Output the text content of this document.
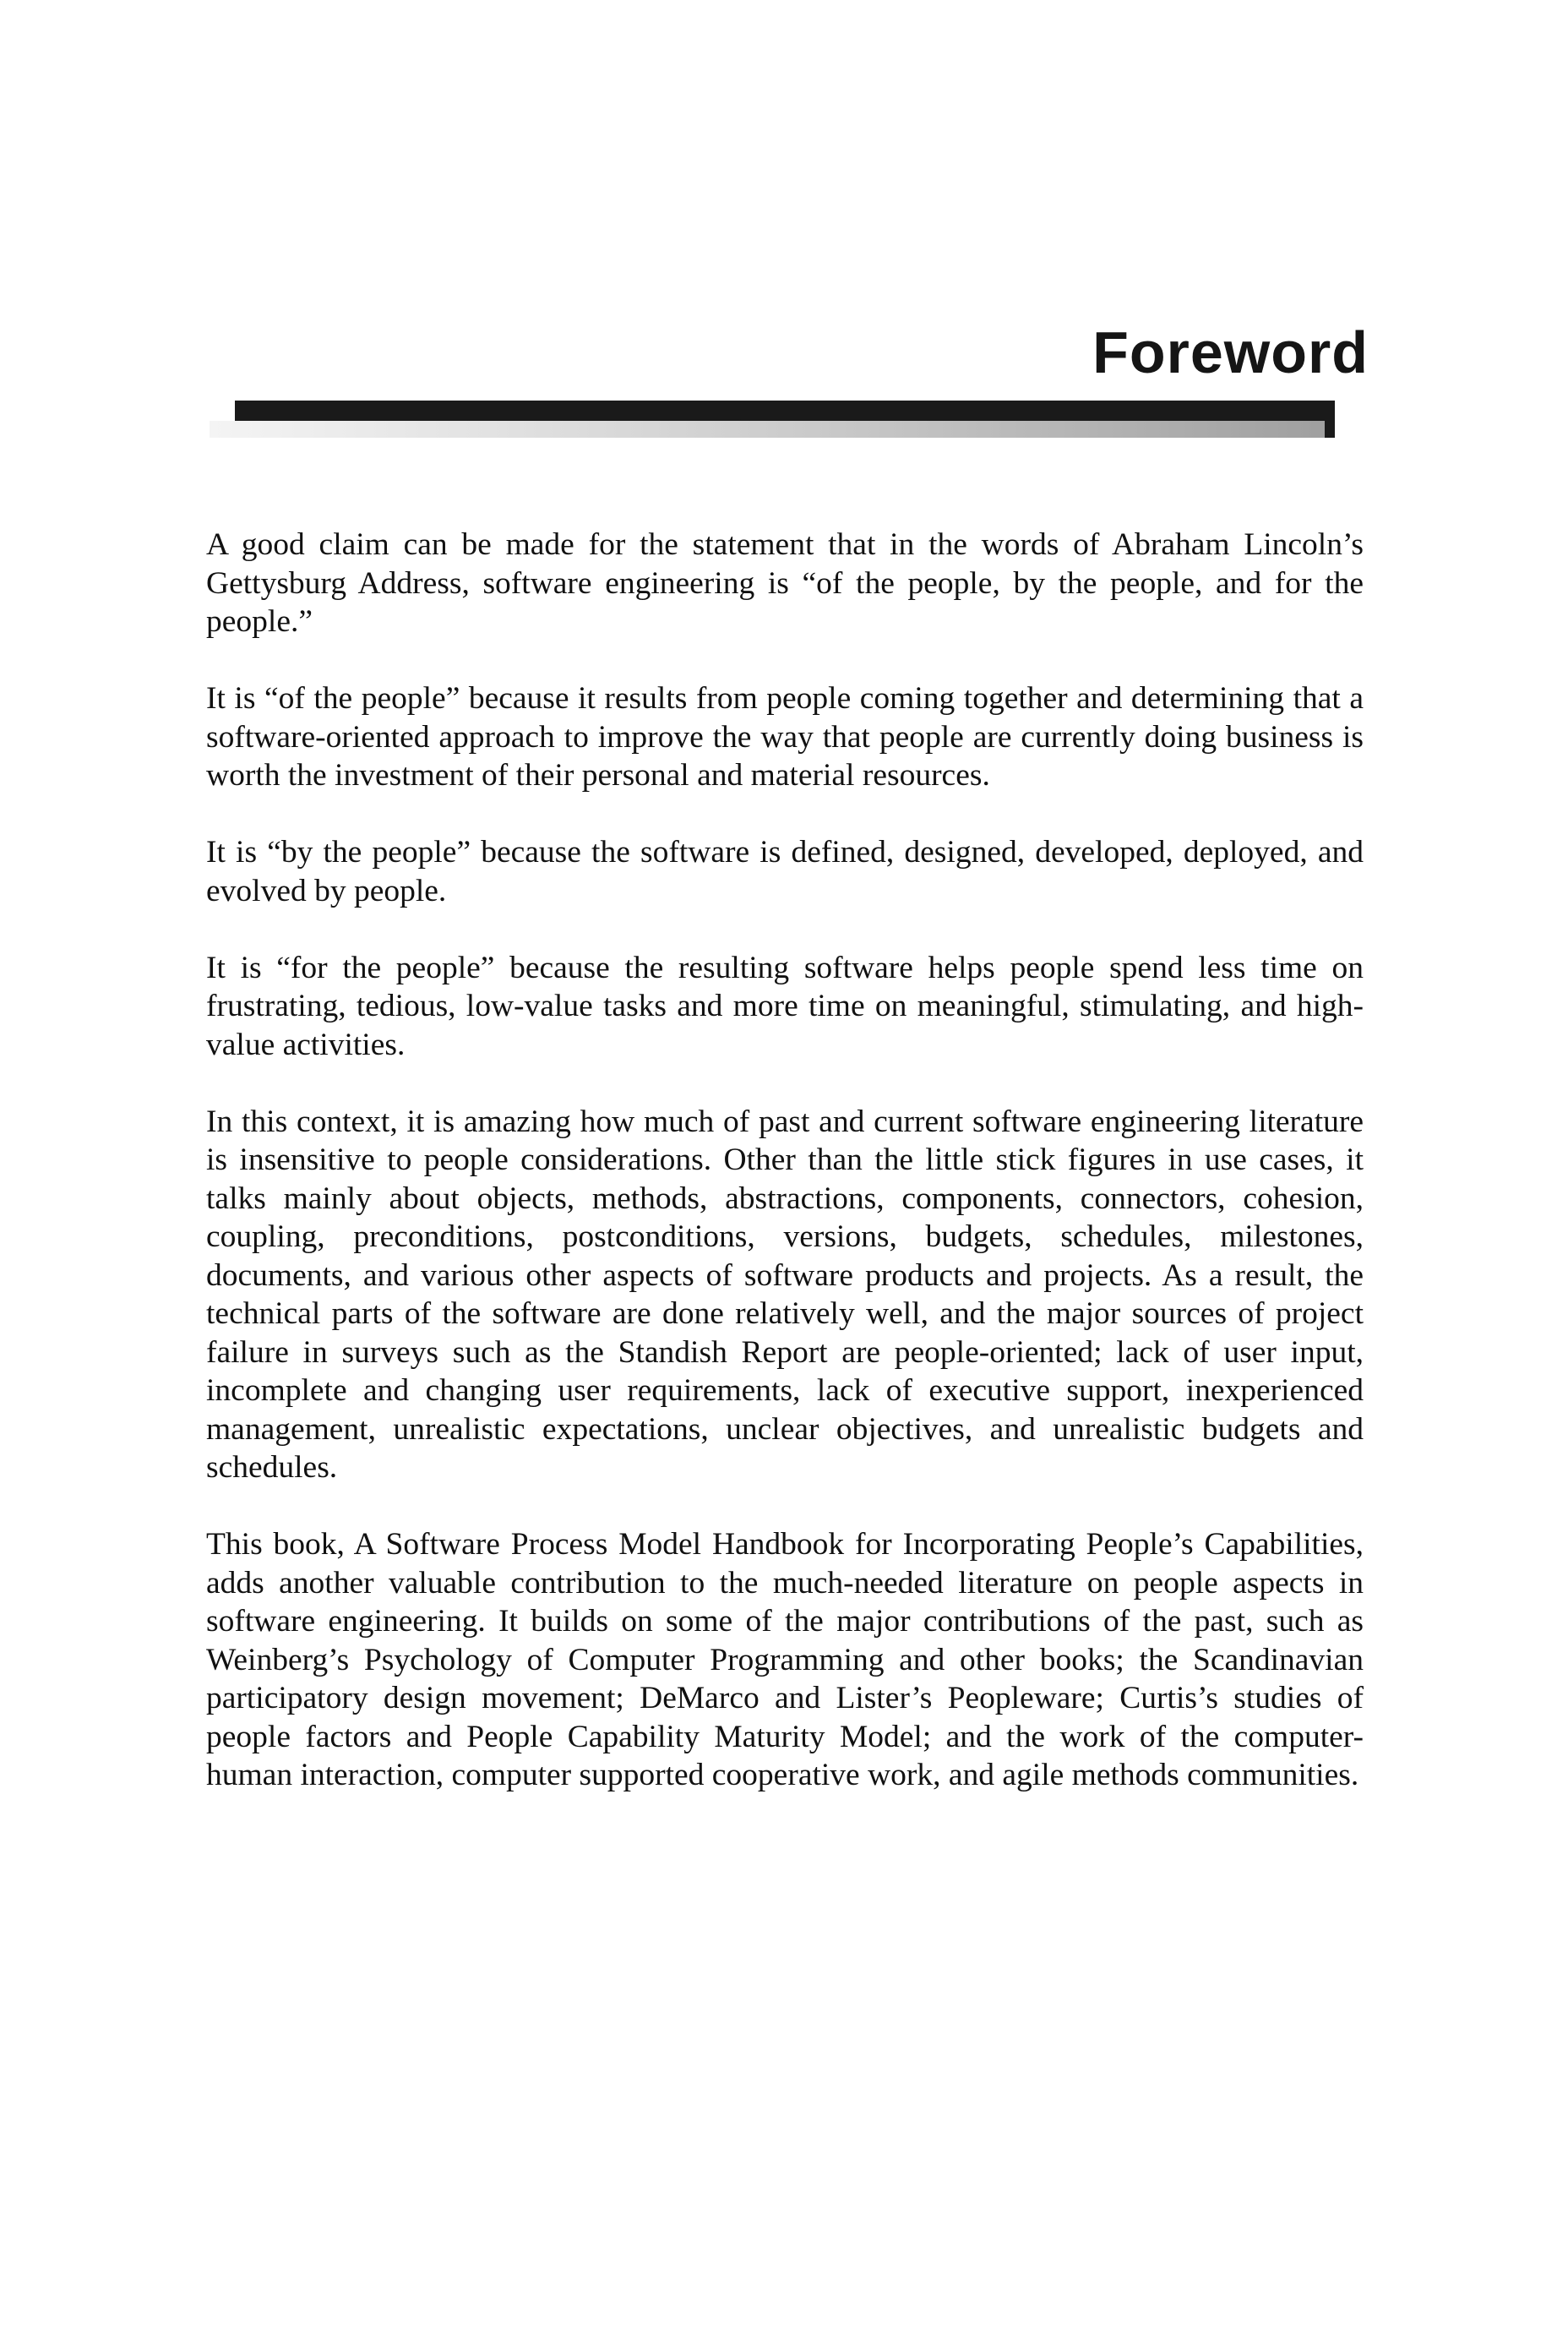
Foreword

A good claim can be made for the statement that in the words of Abraham Lincoln’s Gettysburg Address, software engineering is “of the people, by the people, and for the people.”

It is “of the people” because it results from people coming together and determining that a software-oriented approach to improve the way that people are currently doing business is worth the investment of their personal and material resources.

It is “by the people” because the software is defined, designed, developed, deployed, and evolved by people.

It is “for the people” because the resulting software helps people spend less time on frustrating, tedious, low-value tasks and more time on meaningful, stimulating, and high-value activities.

In this context, it is amazing how much of past and current software engineering literature is insensitive to people considerations. Other than the little stick figures in use cases, it talks mainly about objects, methods, abstractions, components, connectors, cohesion, coupling, preconditions, postconditions, versions, budgets, schedules, milestones, documents, and various other aspects of software products and projects. As a result, the technical parts of the software are done relatively well, and the major sources of project failure in surveys such as the Standish Report are people-oriented; lack of user input, incomplete and changing user requirements, lack of executive support, inexperienced management, unrealistic expectations, unclear objectives, and unrealistic budgets and schedules.

This book, A Software Process Model Handbook for Incorporating People’s Capabilities, adds another valuable contribution to the much-needed literature on people aspects in software engineering. It builds on some of the major contributions of the past, such as Weinberg’s Psychology of Computer Programming and other books; the Scandinavian participatory design movement; DeMarco and Lister’s Peopleware; Curtis’s studies of people factors and People Capability Maturity Model; and the work of the computer-human interaction, computer supported cooperative work, and agile methods communities.
